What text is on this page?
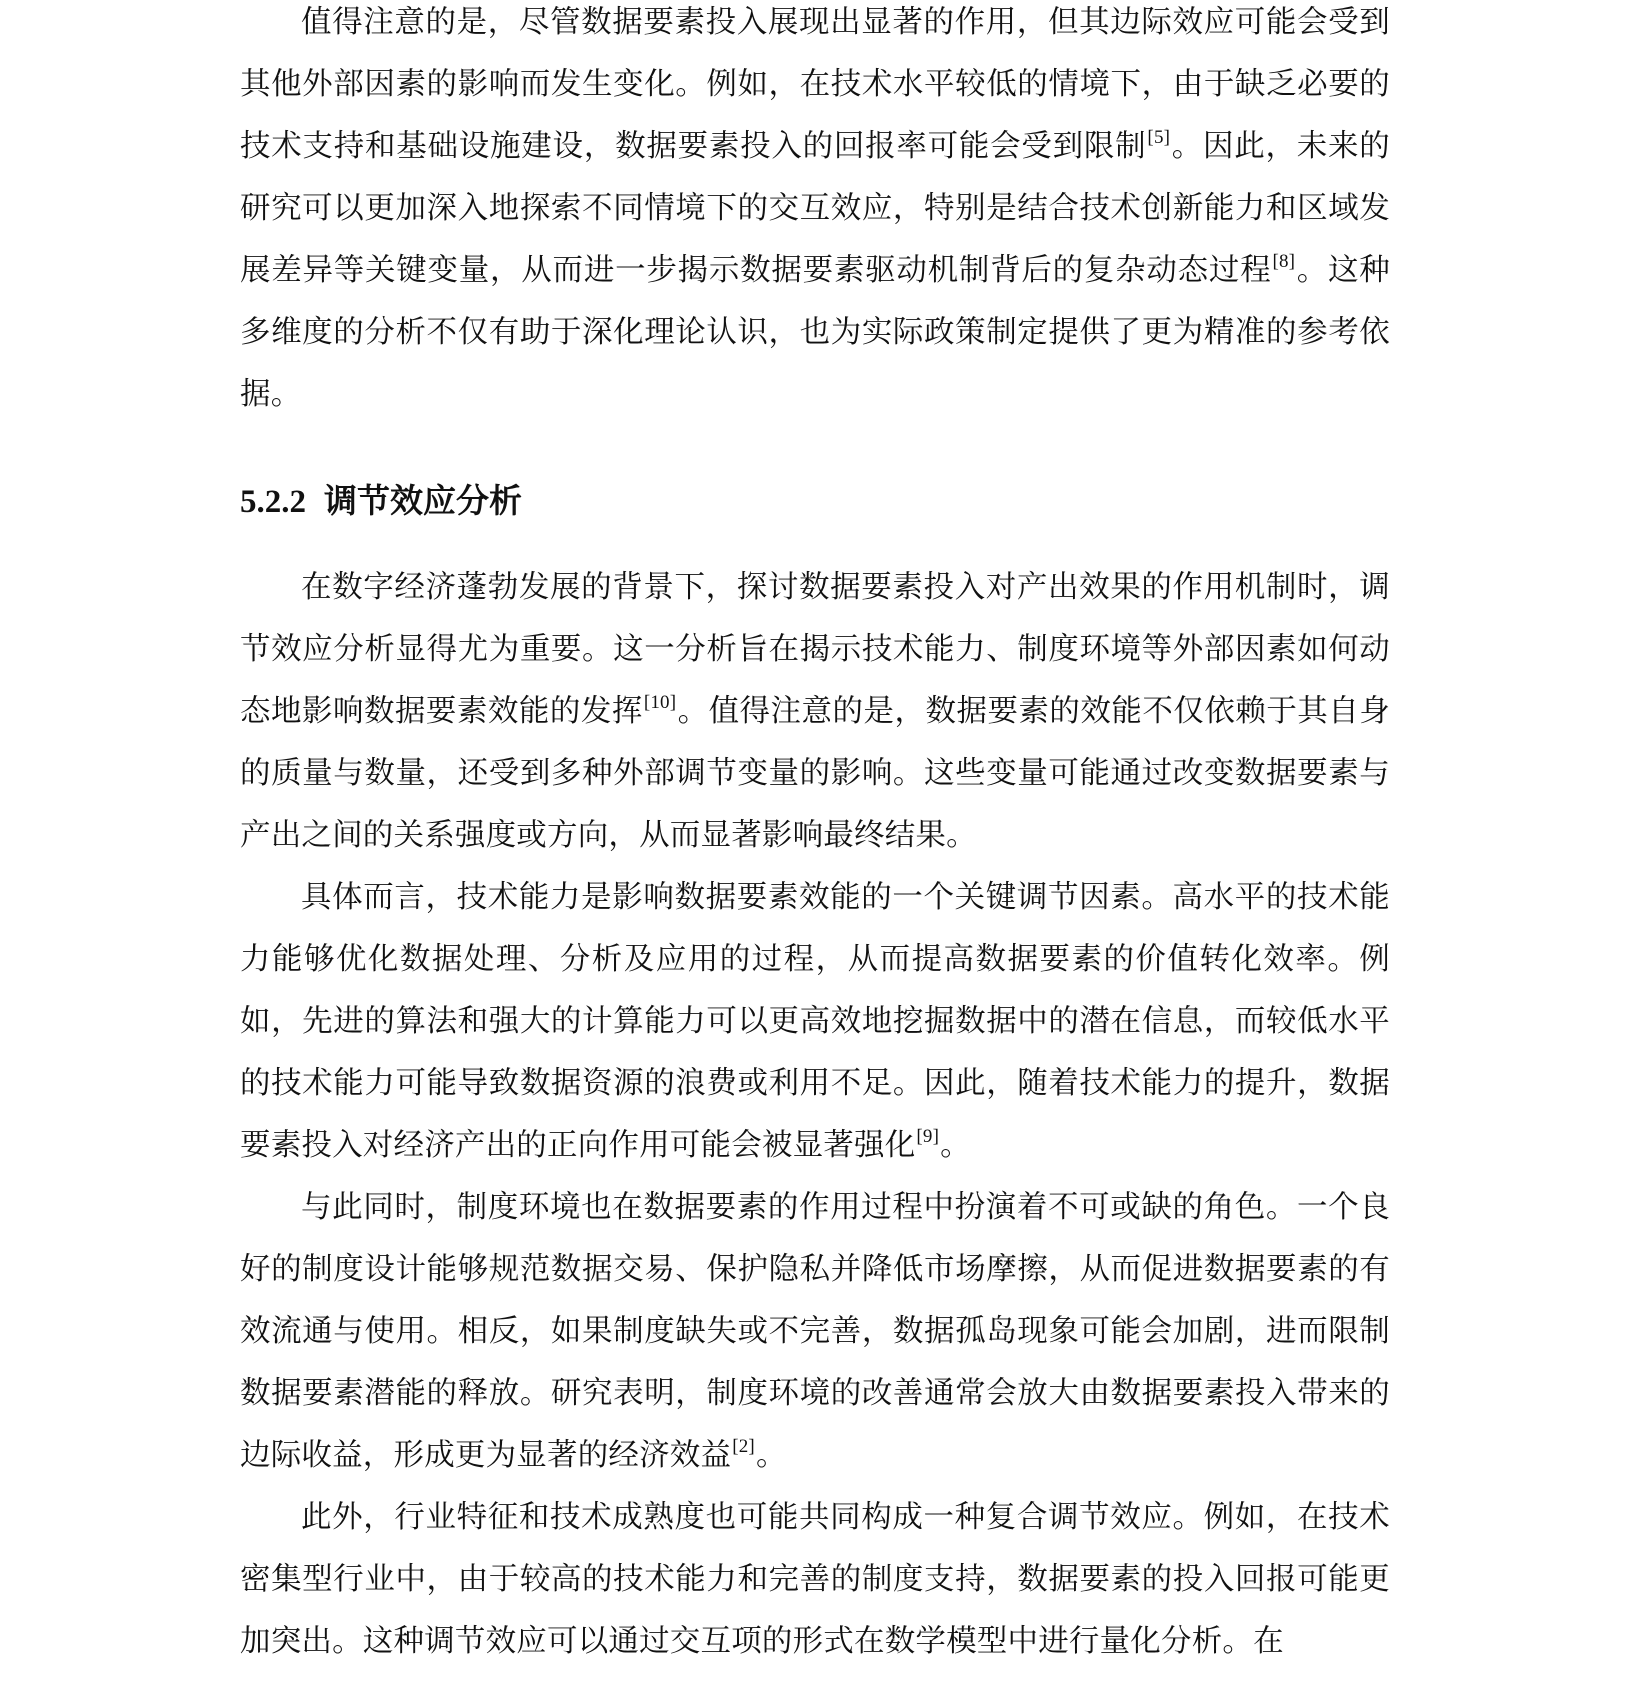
值得注意的是，尽管数据要素投入展现出显著的作用，但其边际效应可能会受到其他外部因素的影响而发生变化。例如，在技术水平较低的情境下，由于缺乏必要的技术支持和基础设施建设，数据要素投入的回报率可能会受到限制[5]。因此，未来的研究可以更加深入地探索不同情境下的交互效应，特别是结合技术创新能力和区域发展差异等关键变量，从而进一步揭示数据要素驱动机制背后的复杂动态过程[8]。这种多维度的分析不仅有助于深化理论认识，也为实际政策制定提供了更为精准的参考依据。

5.2.2 调节效应分析

在数字经济蓬勃发展的背景下，探讨数据要素投入对产出效果的作用机制时，调节效应分析显得尤为重要。这一分析旨在揭示技术能力、制度环境等外部因素如何动态地影响数据要素效能的发挥[10]。值得注意的是，数据要素的效能不仅依赖于其自身的质量与数量，还受到多种外部调节变量的影响。这些变量可能通过改变数据要素与产出之间的关系强度或方向，从而显著影响最终结果。

具体而言，技术能力是影响数据要素效能的一个关键调节因素。高水平的技术能力能够优化数据处理、分析及应用的过程，从而提高数据要素的价值转化效率。例如，先进的算法和强大的计算能力可以更高效地挖掘数据中的潜在信息，而较低水平的技术能力可能导致数据资源的浪费或利用不足。因此，随着技术能力的提升，数据要素投入对经济产出的正向作用可能会被显著强化[9]。

与此同时，制度环境也在数据要素的作用过程中扮演着不可或缺的角色。一个良好的制度设计能够规范数据交易、保护隐私并降低市场摩擦，从而促进数据要素的有效流通与使用。相反，如果制度缺失或不完善，数据孤岛现象可能会加剧，进而限制数据要素潜能的释放。研究表明，制度环境的改善通常会放大由数据要素投入带来的边际收益，形成更为显著的经济效益[2]。

此外，行业特征和技术成熟度也可能共同构成一种复合调节效应。例如，在技术密集型行业中，由于较高的技术能力和完善的制度支持，数据要素的投入回报可能更加突出。这种调节效应可以通过交互项的形式在数学模型中进行量化分析。在
